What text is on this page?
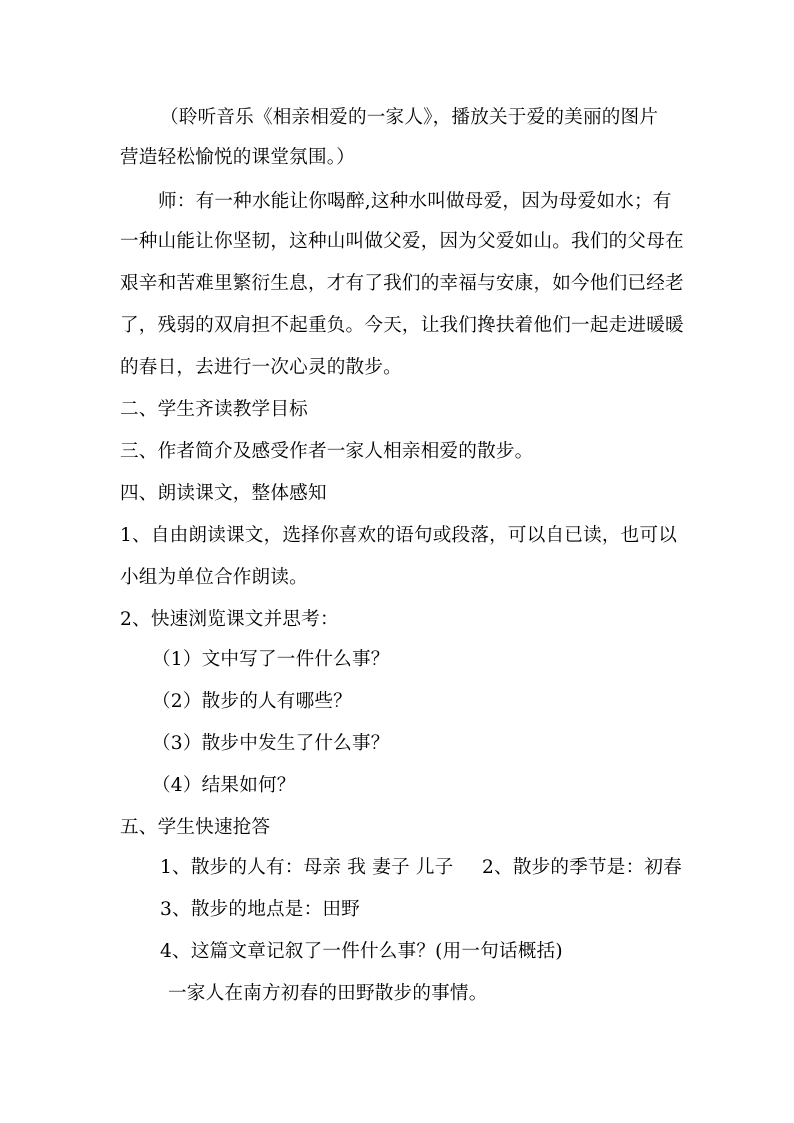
（聆听音乐《相亲相爱的一家人》，播放关于爱的美丽的图片
营造轻松愉悦的课堂氛围。）
师：有一种水能让你喝醉,这种水叫做母爱，因为母爱如水；有
一种山能让你坚韧，这种山叫做父爱，因为父爱如山。我们的父母在
艰辛和苦难里繁衍生息，才有了我们的幸福与安康，如今他们已经老
了，残弱的双肩担不起重负。今天，让我们搀扶着他们一起走进暖暖
的春日，去进行一次心灵的散步。
二、学生齐读教学目标
三、作者简介及感受作者一家人相亲相爱的散步。
四、朗读课文，整体感知
1、自由朗读课文，选择你喜欢的语句或段落，可以自已读，也可以
小组为单位合作朗读。
2、快速浏览课文并思考：
（1）文中写了一件什么事？
（2）散步的人有哪些？
（3）散步中发生了什么事？
（4）结果如何？
五、学生快速抢答
1、散步的人有：母亲 我 妻子 儿子 2、散步的季节是：初春
3、散步的地点是：田野
4、这篇文章记叙了一件什么事？(用一句话概括)
一家人在南方初春的田野散步的事情。
